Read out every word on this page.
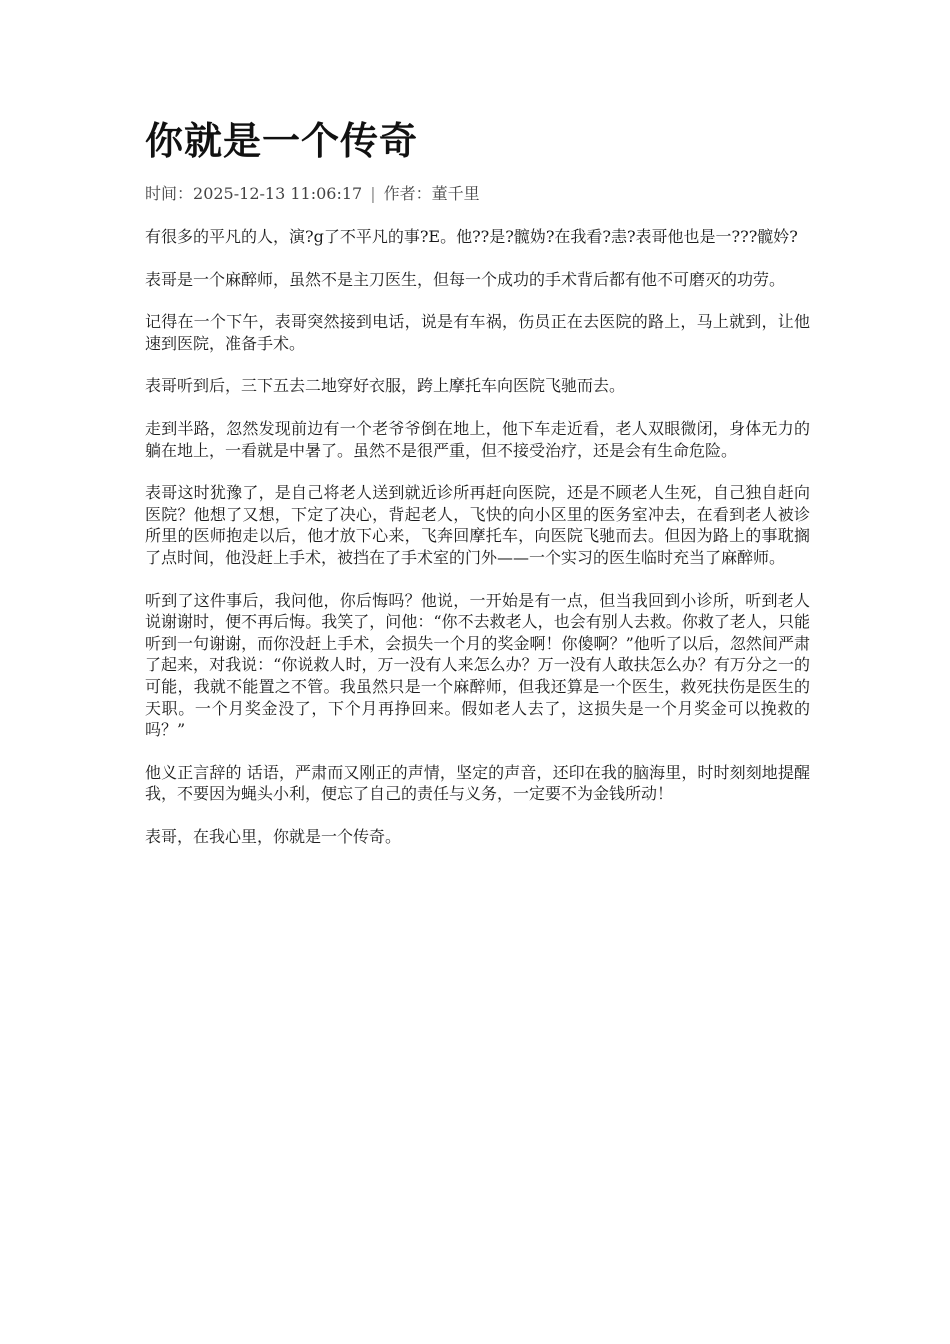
你就是一个传奇
时间：2025-12-13 11:06:17 | 作者：董千里

有很多的平凡的人，演?g了不平凡的事?E。他??是?髋妫?在我看?恚?表哥他也是一???髋妗?

表哥是一个麻醉师，虽然不是主刀医生，但每一个成功的手术背后都有他不可磨灭的功劳。

记得在一个下午，表哥突然接到电话，说是有车祸，伤员正在去医院的路上，马上就到，让他速到医院，准备手术。

表哥听到后，三下五去二地穿好衣服，跨上摩托车向医院飞驰而去。

走到半路，忽然发现前边有一个老爷爷倒在地上，他下车走近看，老人双眼微闭，身体无力的躺在地上，一看就是中暑了。虽然不是很严重，但不接受治疗，还是会有生命危险。

表哥这时犹豫了，是自己将老人送到就近诊所再赶向医院，还是不顾老人生死，自己独自赶向医院？他想了又想，下定了决心，背起老人，飞快的向小区里的医务室冲去，在看到老人被诊所里的医师抱走以后，他才放下心来，飞奔回摩托车，向医院飞驰而去。但因为路上的事耽搁了点时间，他没赶上手术，被挡在了手术室的门外——一个实习的医生临时充当了麻醉师。

听到了这件事后，我问他，你后悔吗？他说，一开始是有一点，但当我回到小诊所，听到老人说谢谢时，便不再后悔。我笑了，问他：“你不去救老人，也会有别人去救。你救了老人，只能听到一句谢谢，而你没赶上手术，会损失一个月的奖金啊！你傻啊？”他听了以后，忽然间严肃了起来，对我说：“你说救人时，万一没有人来怎么办？万一没有人敢扶怎么办？有万分之一的可能，我就不能置之不管。我虽然只是一个麻醉师，但我还算是一个医生，救死扶伤是医生的天职。一个月奖金没了，下个月再挣回来。假如老人去了，这损失是一个月奖金可以挽救的吗？”

他义正言辞的 话语，严肃而又刚正的声情，坚定的声音，还印在我的脑海里，时时刻刻地提醒我，不要因为蝇头小利，便忘了自己的责任与义务，一定要不为金钱所动！

表哥，在我心里，你就是一个传奇。
